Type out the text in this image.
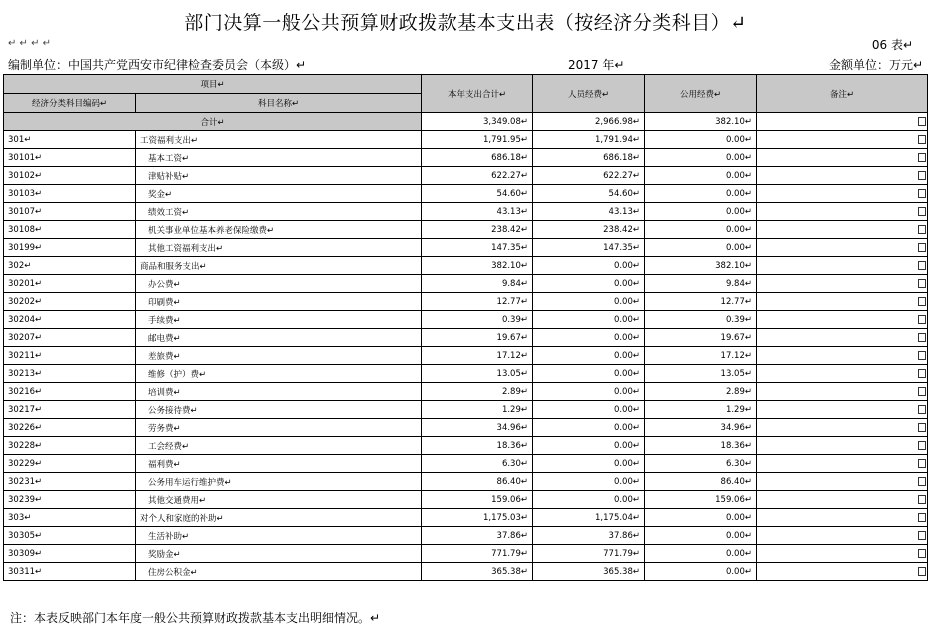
部门决算一般公共预算财政拨款基本支出表（按经济分类科目）↵
↵ ↵ ↵ ↵	06 表↵
编制单位：中国共产党西安市纪律检查委员会（本级）↵	2017 年↵	金额单位：万元↵
项目↵		本年支出合计↵	人员经费↵	公用经费↵	备注↵
经济分类科目编码↵	科目名称↵				
合计↵		3,349.08↵	2,966.98↵	382.10↵	

301↵	工资福利支出↵	1,791.95↵	1,791.94↵	0.00↵	

30101↵	基本工资↵	686.18↵	686.18↵	0.00↵	

30102↵	津贴补贴↵	622.27↵	622.27↵	0.00↵	

30103↵	奖金↵	54.60↵	54.60↵	0.00↵	

30107↵	绩效工资↵	43.13↵	43.13↵	0.00↵	

30108↵	机关事业单位基本养老保险缴费↵	238.42↵	238.42↵	0.00↵	

30199↵	其他工资福利支出↵	147.35↵	147.35↵	0.00↵	

302↵	商品和服务支出↵	382.10↵	0.00↵	382.10↵	

30201↵	办公费↵	9.84↵	0.00↵	9.84↵	

30202↵	印刷费↵	12.77↵	0.00↵	12.77↵	

30204↵	手续费↵	0.39↵	0.00↵	0.39↵	

30207↵	邮电费↵	19.67↵	0.00↵	19.67↵	

30211↵	差旅费↵	17.12↵	0.00↵	17.12↵	

30213↵	维修（护）费↵	13.05↵	0.00↵	13.05↵	

30216↵	培训费↵	2.89↵	0.00↵	2.89↵	

30217↵	公务接待费↵	1.29↵	0.00↵	1.29↵	

30226↵	劳务费↵	34.96↵	0.00↵	34.96↵	

30228↵	工会经费↵	18.36↵	0.00↵	18.36↵	

30229↵	福利费↵	6.30↵	0.00↵	6.30↵	

30231↵	公务用车运行维护费↵	86.40↵	0.00↵	86.40↵	

30239↵	其他交通费用↵	159.06↵	0.00↵	159.06↵	

303↵	对个人和家庭的补助↵	1,175.03↵	1,175.04↵	0.00↵	

30305↵	生活补助↵	37.86↵	37.86↵	0.00↵	

30309↵	奖励金↵	771.79↵	771.79↵	0.00↵	

30311↵	住房公积金↵	365.38↵	365.38↵	0.00↵	
注：本表反映部门本年度一般公共预算财政拨款基本支出明细情况。↵
